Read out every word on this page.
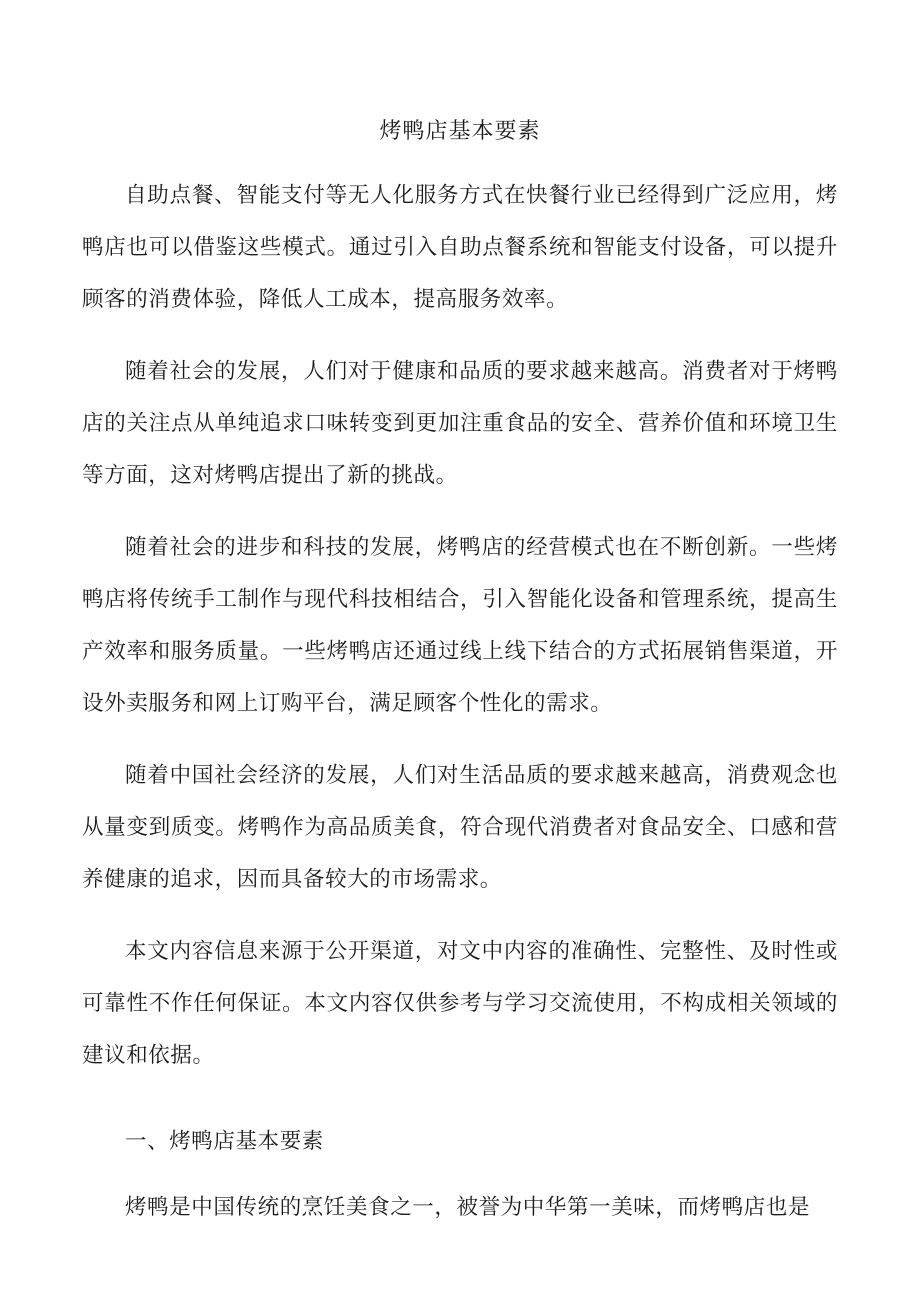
烤鸭店基本要素

自助点餐、智能支付等无人化服务方式在快餐行业已经得到广泛应用，烤鸭店也可以借鉴这些模式。通过引入自助点餐系统和智能支付设备，可以提升顾客的消费体验，降低人工成本，提高服务效率。

随着社会的发展，人们对于健康和品质的要求越来越高。消费者对于烤鸭店的关注点从单纯追求口味转变到更加注重食品的安全、营养价值和环境卫生等方面，这对烤鸭店提出了新的挑战。

随着社会的进步和科技的发展，烤鸭店的经营模式也在不断创新。一些烤鸭店将传统手工制作与现代科技相结合，引入智能化设备和管理系统，提高生产效率和服务质量。一些烤鸭店还通过线上线下结合的方式拓展销售渠道，开设外卖服务和网上订购平台，满足顾客个性化的需求。

随着中国社会经济的发展，人们对生活品质的要求越来越高，消费观念也从量变到质变。烤鸭作为高品质美食，符合现代消费者对食品安全、口感和营养健康的追求，因而具备较大的市场需求。

本文内容信息来源于公开渠道，对文中内容的准确性、完整性、及时性或可靠性不作任何保证。本文内容仅供参考与学习交流使用，不构成相关领域的建议和依据。

一、烤鸭店基本要素

烤鸭是中国传统的烹饪美食之一，被誉为中华第一美味，而烤鸭店也是
